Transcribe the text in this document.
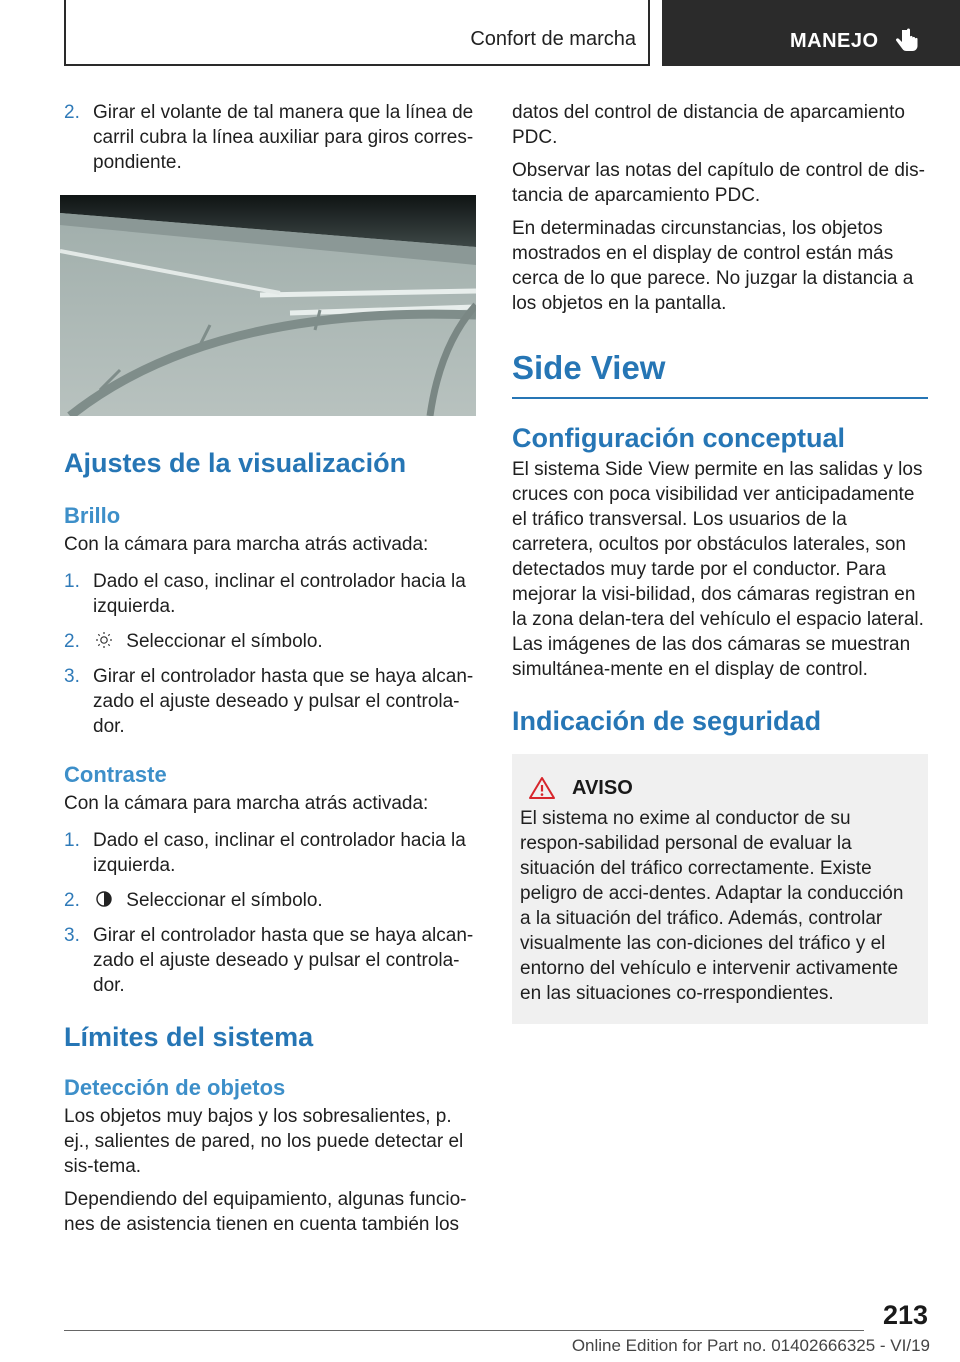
Confort de marcha	MANEJO
2. Girar el volante de tal manera que la línea de carril cubra la línea auxiliar para giros corres-pondiente.
Ajustes de la visualización
Brillo

Con la cámara para marcha atrás activada:

1. Dado el caso, inclinar el controlador hacia la izquierda.
2. Seleccionar el símbolo.
3. Girar el controlador hasta que se haya alcan-zado el ajuste deseado y pulsar el controla-dor.
Contraste

Con la cámara para marcha atrás activada:

1. Dado el caso, inclinar el controlador hacia la izquierda.
2. Seleccionar el símbolo.
3. Girar el controlador hasta que se haya alcan-zado el ajuste deseado y pulsar el controla-dor.
Límites del sistema
Detección de objetos

Los objetos muy bajos y los sobresalientes, p. ej., salientes de pared, no los puede detectar el sis-tema.

Dependiendo del equipamiento, algunas funcio-nes de asistencia tienen en cuenta también los

datos del control de distancia de aparcamiento PDC.

Observar las notas del capítulo de control de dis-tancia de aparcamiento PDC.

En determinadas circunstancias, los objetos mostrados en el display de control están más cerca de lo que parece. No juzgar la distancia a los objetos en la pantalla.

Side View
Configuración conceptual

El sistema Side View permite en las salidas y los cruces con poca visibilidad ver anticipadamente el tráfico transversal. Los usuarios de la carretera, ocultos por obstáculos laterales, son detectados muy tarde por el conductor. Para mejorar la visi-bilidad, dos cámaras registran en la zona delan-tera del vehículo el espacio lateral. Las imágenes de las dos cámaras se muestran simultánea-mente en el display de control.

Indicación de seguridad
AVISO

El sistema no exime al conductor de su respon-sabilidad personal de evaluar la situación del tráfico correctamente. Existe peligro de acci-dentes. Adaptar la conducción a la situación del tráfico. Además, controlar visualmente las con-diciones del tráfico y el entorno del vehículo e intervenir activamente en las situaciones co-rrespondientes.

213
Online Edition for Part no. 01402666325 - VI/19
